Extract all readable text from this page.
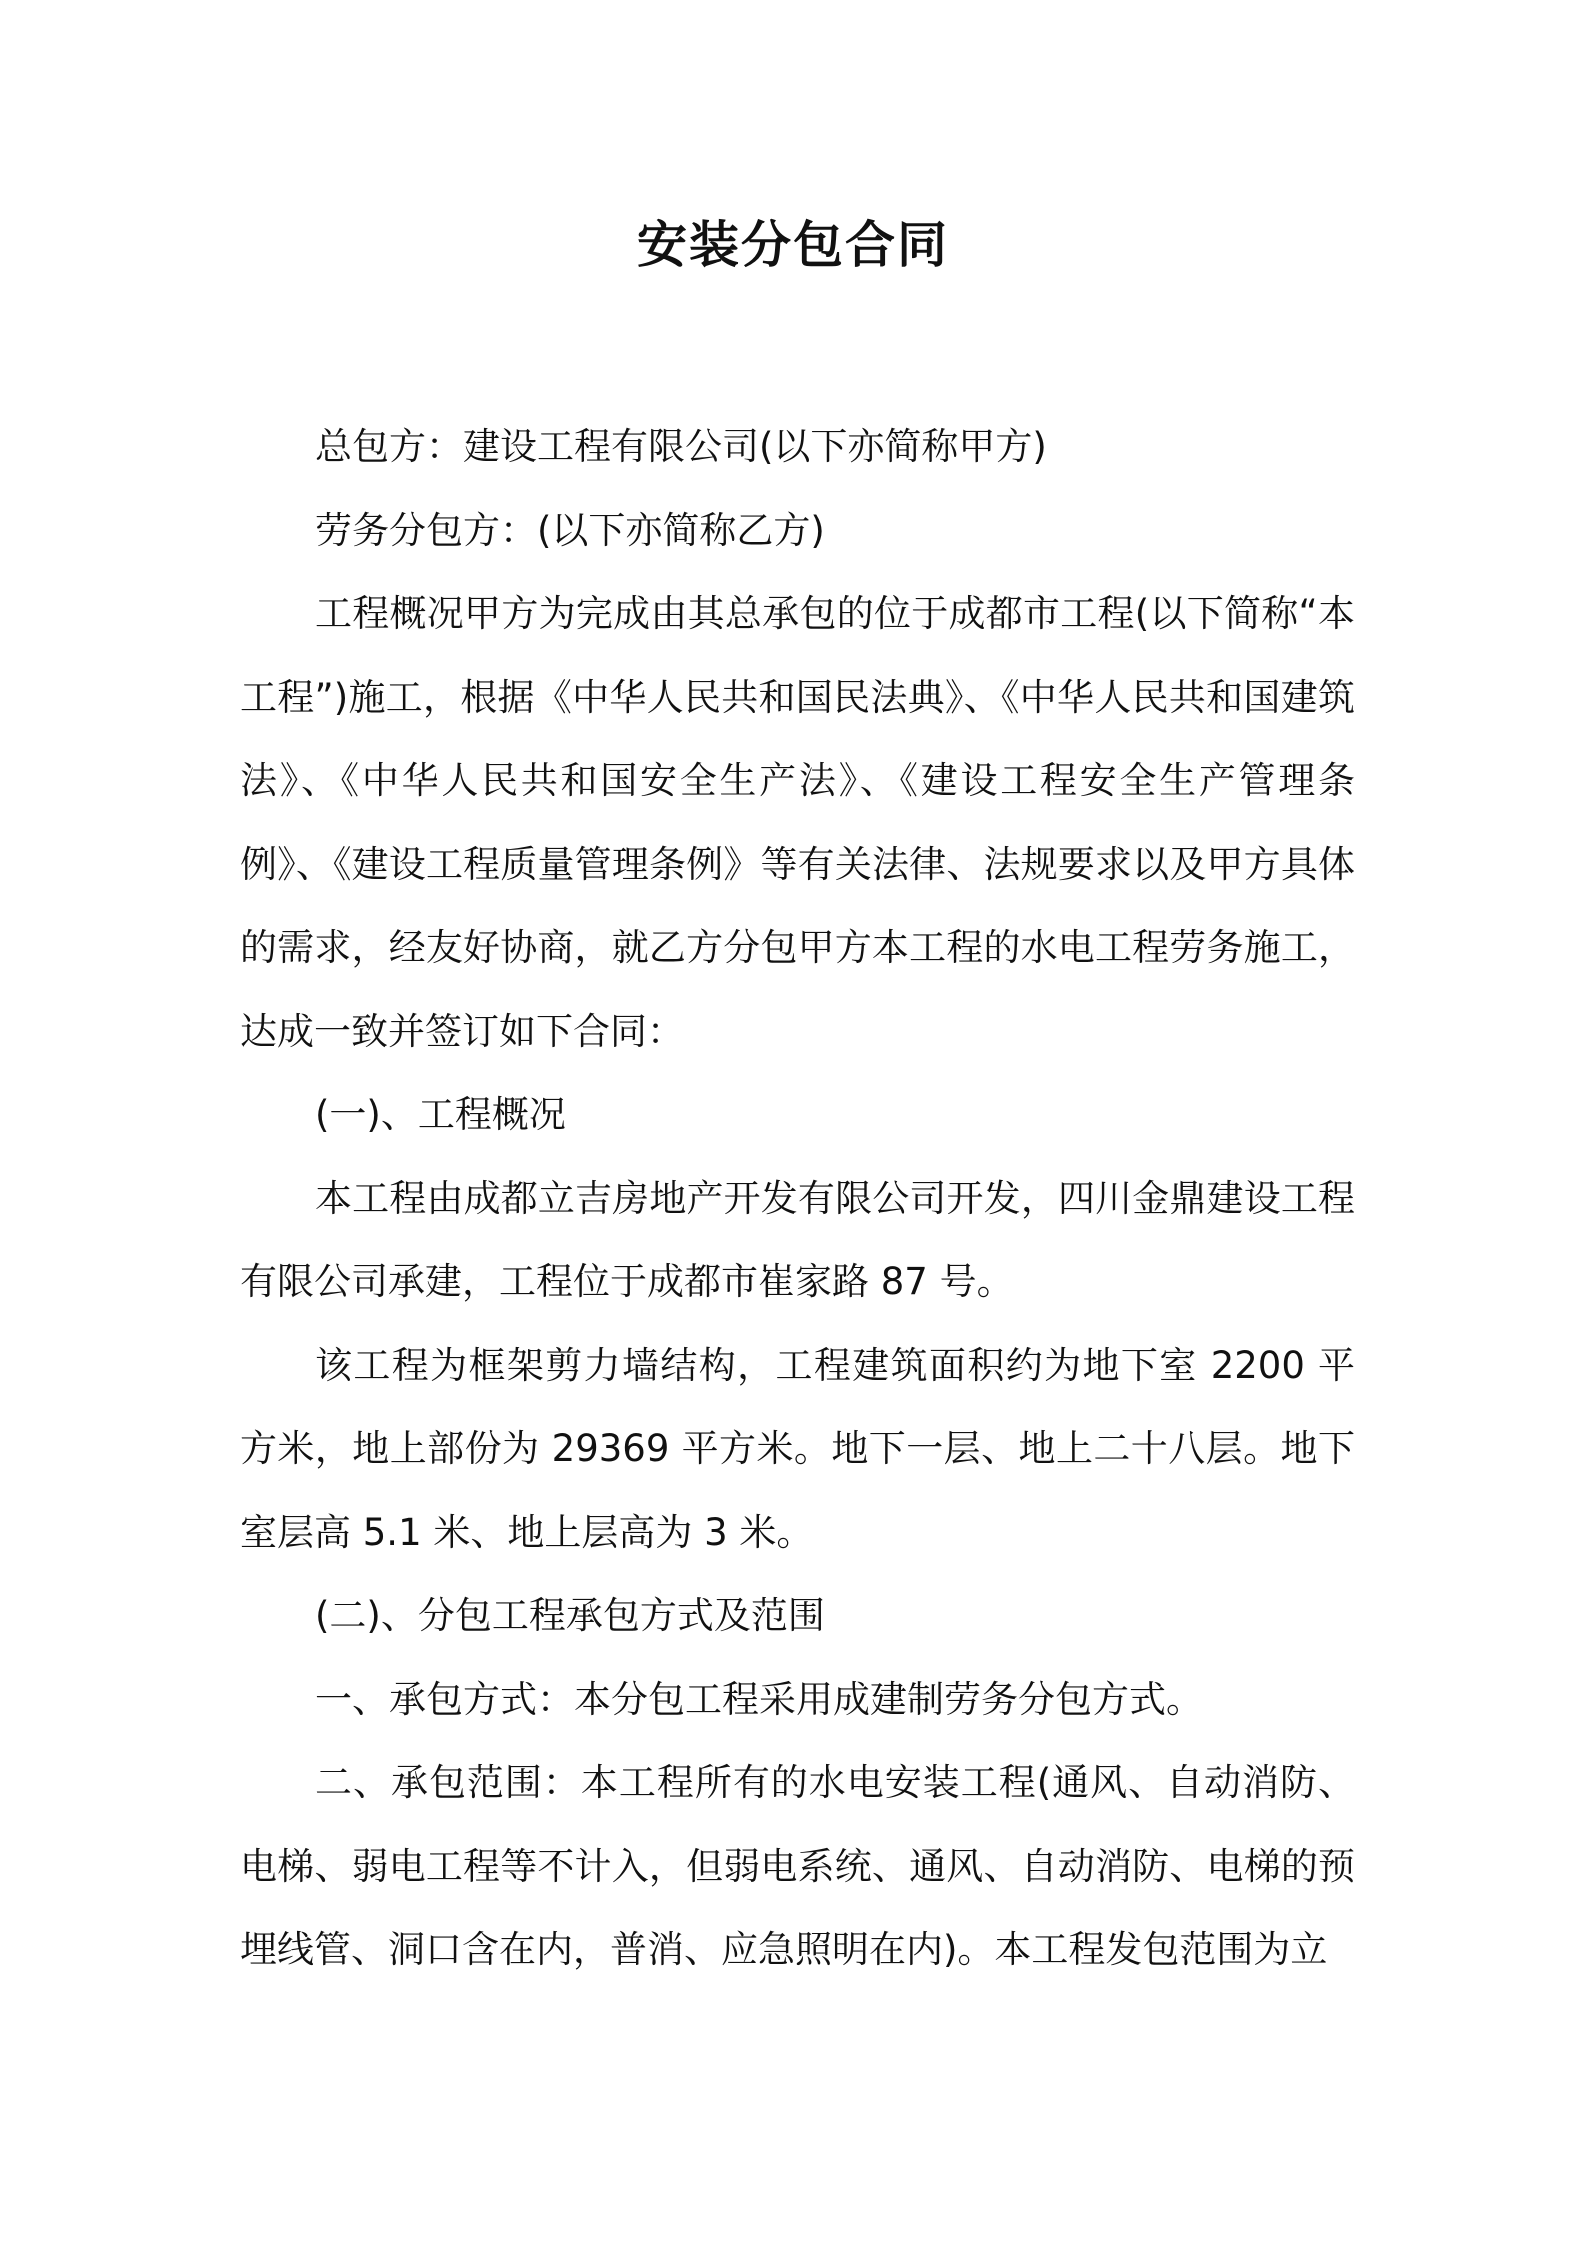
安装分包合同

总包方：建设工程有限公司(以下亦简称甲方)

劳务分包方：(以下亦简称乙方)

工程概况甲方为完成由其总承包的位于成都市工程(以下简称“本工程”)施工，根据《中华人民共和国民法典》、《中华人民共和国建筑法》、《中华人民共和国安全生产法》、《建设工程安全生产管理条例》、《建设工程质量管理条例》等有关法律、法规要求以及甲方具体的需求，经友好协商，就乙方分包甲方本工程的水电工程劳务施工，达成一致并签订如下合同：

(一)、工程概况

本工程由成都立吉房地产开发有限公司开发，四川金鼎建设工程有限公司承建，工程位于成都市崔家路 87 号。

该工程为框架剪力墙结构，工程建筑面积约为地下室 2200 平方米，地上部份为 29369 平方米。地下一层、地上二十八层。地下室层高 5.1 米、地上层高为 3 米。

(二)、分包工程承包方式及范围

一、承包方式：本分包工程采用成建制劳务分包方式。

二、承包范围：本工程所有的水电安装工程(通风、自动消防、电梯、弱电工程等不计入，但弱电系统、通风、自动消防、电梯的预埋线管、洞口含在内，普消、应急照明在内)。本工程发包范围为立
